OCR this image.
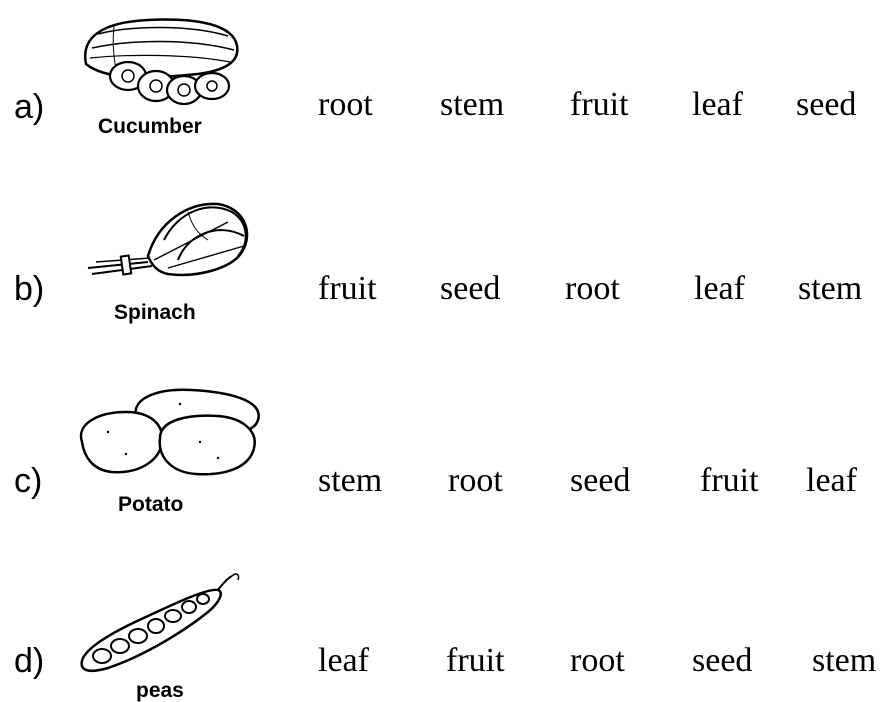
a)
Cucumber
root stem fruit leaf seed
b)
Spinach
fruit seed root leaf stem
c)
Potato
stem root seed fruit leaf
d)
peas
leaf fruit root seed stem
